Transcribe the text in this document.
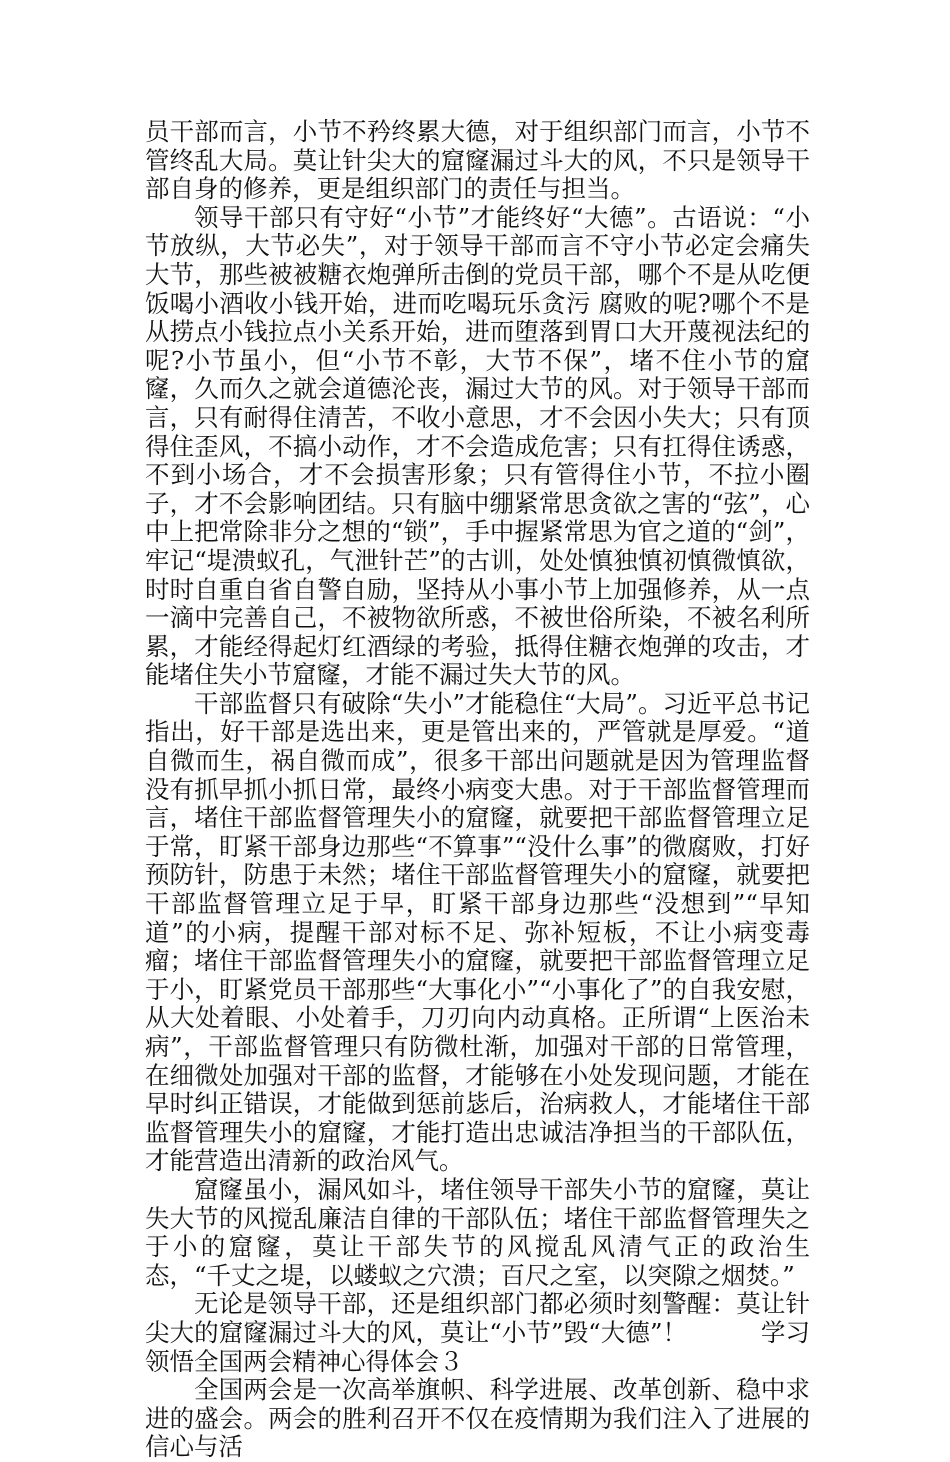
员干部而言，小节不矜终累大德，对于组织部门而言，小节不管终乱大局。莫让针尖大的窟窿漏过斗大的风，不只是领导干部自身的修养，更是组织部门的责任与担当。

领导干部只有守好“小节”才能终好“大德”。古语说：“小节放纵，大节必失”，对于领导干部而言不守小节必定会痛失大节，那些被被糖衣炮弹所击倒的党员干部，哪个不是从吃便饭喝小酒收小钱开始，进而吃喝玩乐贪污 腐败的呢?哪个不是从捞点小钱拉点小关系开始，进而堕落到胃口大开蔑视法纪的呢?小节虽小，但“小节不彰，大节不保”，堵不住小节的窟窿，久而久之就会道德沦丧，漏过大节的风。对于领导干部而言，只有耐得住清苦，不收小意思，才不会因小失大；只有顶得住歪风，不搞小动作，才不会造成危害；只有扛得住诱惑，不到小场合，才不会损害形象；只有管得住小节，不拉小圈子，才不会影响团结。只有脑中绷紧常思贪欲之害的“弦”，心中上把常除非分之想的“锁”，手中握紧常思为官之道的“剑”，牢记“堤溃蚁孔，气泄针芒”的古训，处处慎独慎初慎微慎欲，时时自重自省自警自励，坚持从小事小节上加强修养，从一点一滴中完善自己，不被物欲所惑，不被世俗所染，不被名利所累，才能经得起灯红酒绿的考验，抵得住糖衣炮弹的攻击，才能堵住失小节窟窿，才能不漏过失大节的风。

干部监督只有破除“失小”才能稳住“大局”。习近平总书记指出，好干部是选出来，更是管出来的，严管就是厚爱。“道自微而生，祸自微而成”，很多干部出问题就是因为管理监督没有抓早抓小抓日常，最终小病变大患。对于干部监督管理而言，堵住干部监督管理失小的窟窿，就要把干部监督管理立足于常，盯紧干部身边那些“不算事”“没什么事”的微腐败，打好预防针，防患于未然；堵住干部监督管理失小的窟窿，就要把干部监督管理立足于早，盯紧干部身边那些“没想到”“早知道”的小病，提醒干部对标不足、弥补短板，不让小病变毒瘤；堵住干部监督管理失小的窟窿，就要把干部监督管理立足于小，盯紧党员干部那些“大事化小”“小事化了”的自我安慰，从大处着眼、小处着手，刀刃向内动真格。正所谓“上医治未病”，干部监督管理只有防微杜渐，加强对干部的日常管理，在细微处加强对干部的监督，才能够在小处发现问题，才能在早时纠正错误，才能做到惩前毖后，治病救人，才能堵住干部监督管理失小的窟窿，才能打造出忠诚洁净担当的干部队伍，才能营造出清新的政治风气。

窟窿虽小，漏风如斗，堵住领导干部失小节的窟窿，莫让失大节的风搅乱廉洁自律的干部队伍；堵住干部监督管理失之于小的窟窿，莫让干部失节的风搅乱风清气正的政治生态，“千丈之堤，以蝼蚁之穴溃；百尺之室，以突隙之烟焚。”

无论是领导干部，还是组织部门都必须时刻警醒：莫让针尖大的窟窿漏过斗大的风，莫让“小节”毁“大德”！　　　学习领悟全国两会精神心得体会３

全国两会是一次高举旗帜、科学进展、改革创新、稳中求进的盛会。两会的胜利召开不仅在疫情期为我们注入了进展的信心与活
